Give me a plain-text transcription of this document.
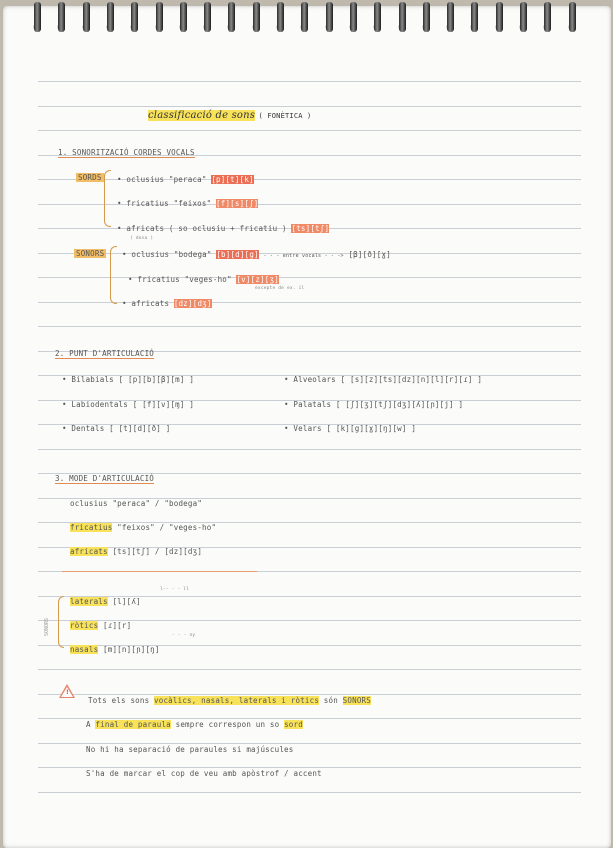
classificació de sons ( FONÈTICA )
1. SONORITZACIÓ CORDES VOCALS
SORDS • oclusius "peraca" [p][t][k]
• fricatius "feixos" [f][s][ʃ]
• africats ( so oclusiu + fricatiu ) [ts][tʃ]
( dosa )
SONORS • oclusius "bodega" [b][d][g] - - - entre vocals - - -> [β][ð][ɣ]
• fricatius "veges-ho" [v][z][ʒ]
excepte de ex. il
• africats [dz][dʒ]
2. PUNT D'ARTICULACIÓ
• Bilabials [ [p][b][β][m] ]
• Labiodentals [ [f][v][ɱ] ]
• Dentals [ [t][d][ð] ]
• Alveolars [ [s][z][ts][dz][n][l][r][ɾ] ]
• Palatals [ [ʃ][ʒ][tʃ][dʒ][ʎ][ɲ][j] ]
• Velars [ [k][g][ɣ][ŋ][w] ]
3. MODE D'ARTICULACIÓ
oclusius "peraca" / "bodega"
fricatius "feixos" / "veges-ho"
africats [ts][tʃ] / [dz][dʒ]
SONORS
laterals [l][ʎ]
l-- - - ll
ròtics [ɾ][r]
nasals [m][n][ɲ][ŋ]
- - - ny
!
Tots els sons vocàlics, nasals, laterals i ròtics són SONORS
A final de paraula sempre correspon un so sord
No hi ha separació de paraules si majúscules
S'ha de marcar el cop de veu amb apòstrof / accent
